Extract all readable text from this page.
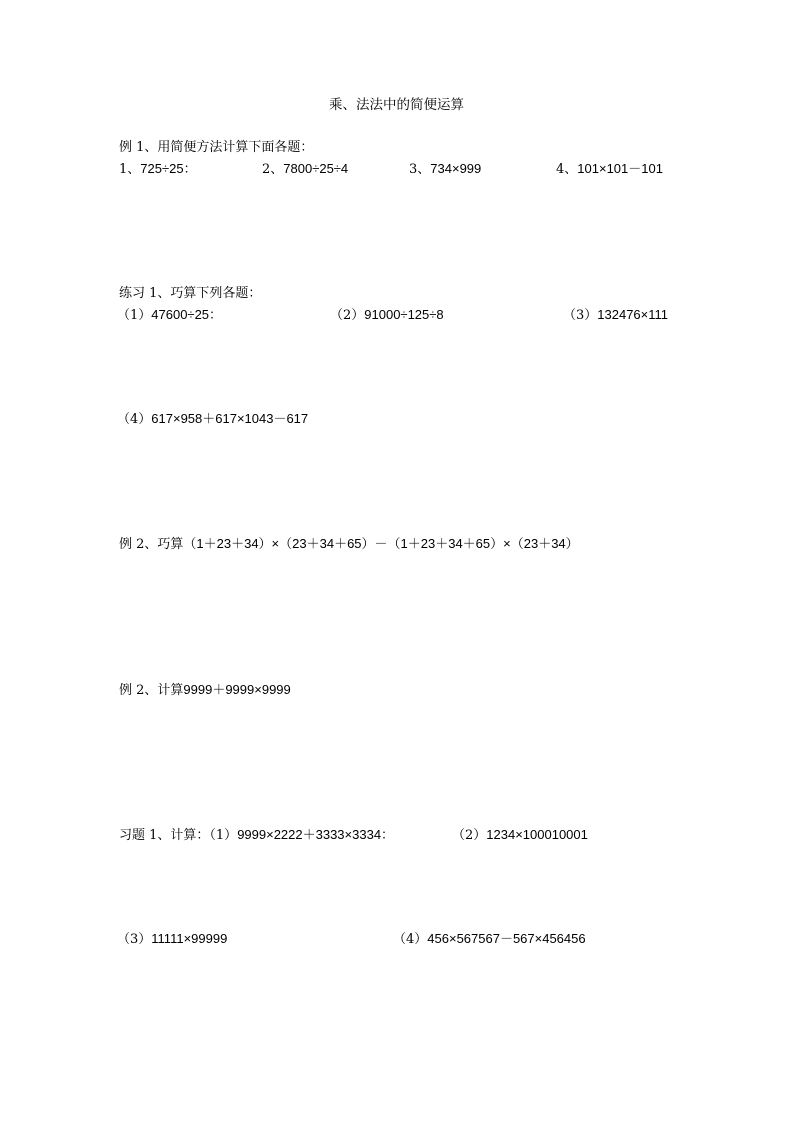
乘、法法中的简便运算
例 1、用简便方法计算下面各题：
1、725÷25：	2、7800÷25÷4	3、734×999	4、101×101－101
练习 1、巧算下列各题：
（1）47600÷25：	（2）91000÷125÷8	（3）132476×111
（4）617×958＋617×1043－617
例 2、巧算（1＋23＋34）×（23＋34＋65）－（1＋23＋34＋65）×（23＋34）
例 2、计算9999＋9999×9999
习题 1、计算：（1）9999×2222＋3333×3334：	（2）1234×100010001
（3）11111×99999	（4）456×567567－567×456456
